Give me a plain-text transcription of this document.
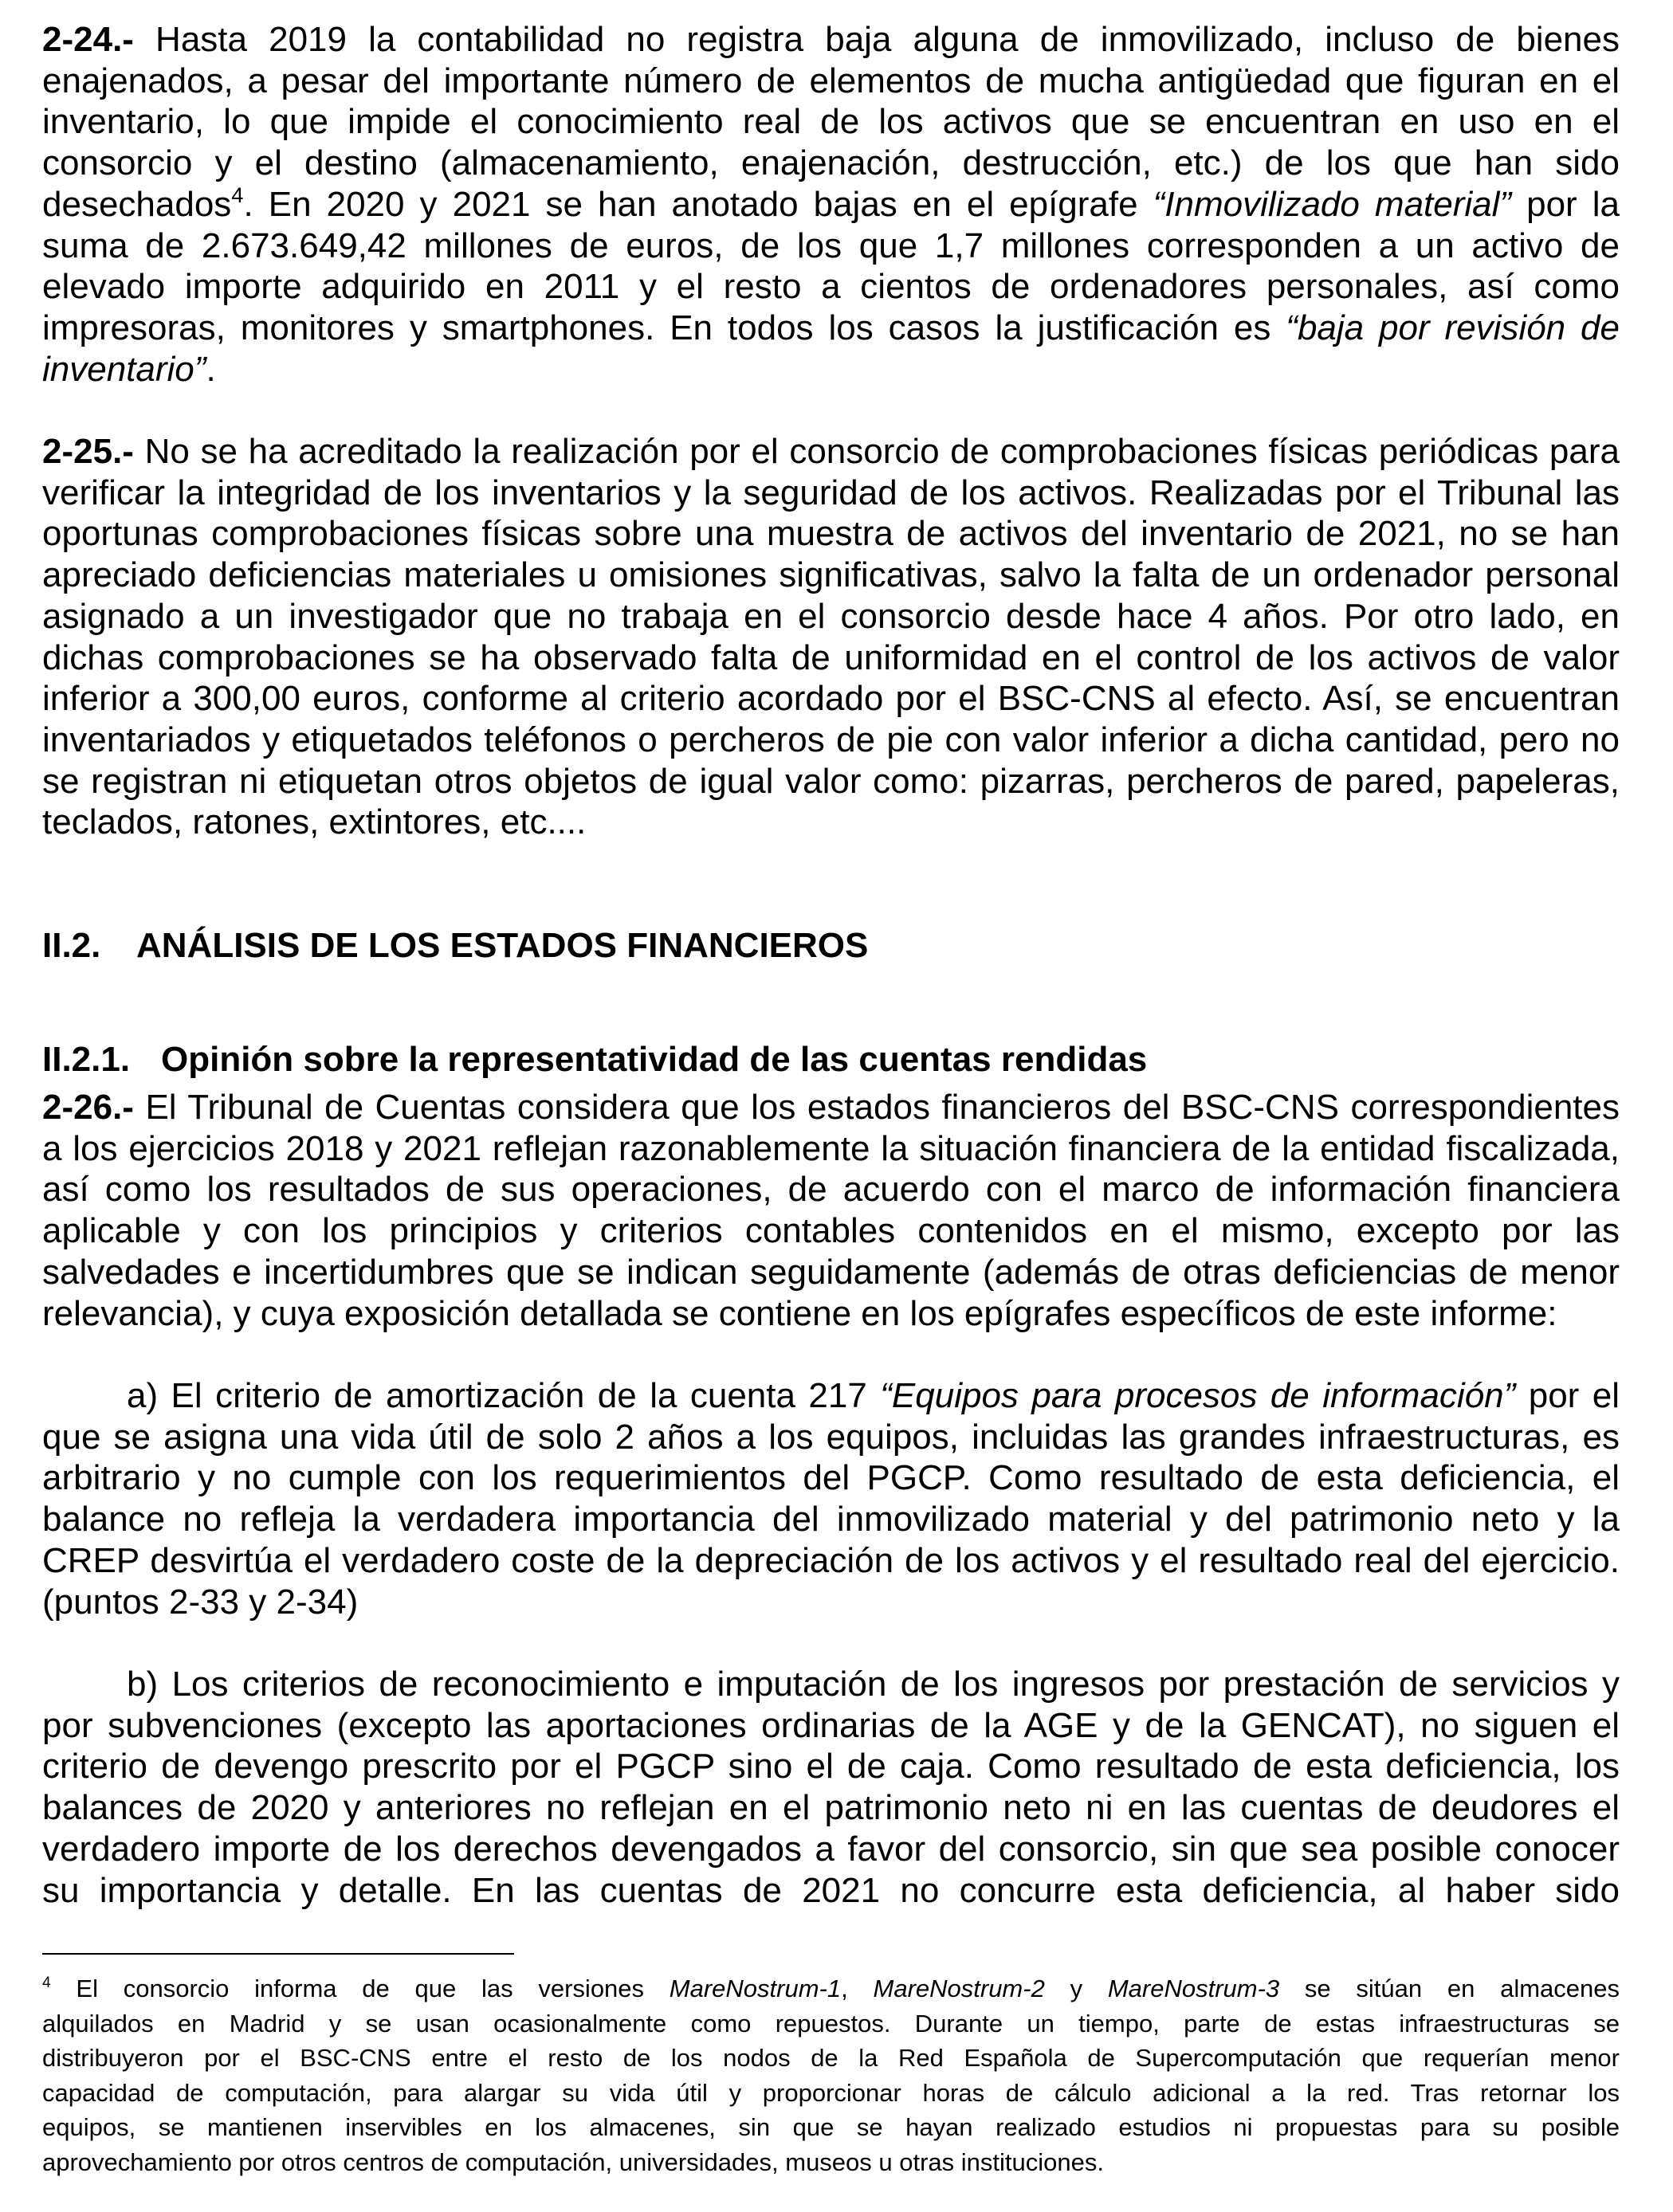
2-24.- Hasta 2019 la contabilidad no registra baja alguna de inmovilizado, incluso de bienes
enajenados, a pesar del importante número de elementos de mucha antigüedad que figuran en el
inventario, lo que impide el conocimiento real de los activos que se encuentran en uso en el
consorcio y el destino (almacenamiento, enajenación, destrucción, etc.) de los que han sido
desechados$^4$. En 2020 y 2021 se han anotado bajas en el epígrafe “Inmovilizado material” por la
suma de 2.673.649,42 millones de euros, de los que 1,7 millones corresponden a un activo de
elevado importe adquirido en 2011 y el resto a cientos de ordenadores personales, así como
impresoras, monitores y smartphones. En todos los casos la justificación es “baja por revisión de
inventario”.
2-25.- No se ha acreditado la realización por el consorcio de comprobaciones físicas periódicas para
verificar la integridad de los inventarios y la seguridad de los activos. Realizadas por el Tribunal las
oportunas comprobaciones físicas sobre una muestra de activos del inventario de 2021, no se han
apreciado deficiencias materiales u omisiones significativas, salvo la falta de un ordenador personal
asignado a un investigador que no trabaja en el consorcio desde hace 4 años. Por otro lado, en
dichas comprobaciones se ha observado falta de uniformidad en el control de los activos de valor
inferior a 300,00 euros, conforme al criterio acordado por el BSC-CNS al efecto. Así, se encuentran
inventariados y etiquetados teléfonos o percheros de pie con valor inferior a dicha cantidad, pero no
se registran ni etiquetan otros objetos de igual valor como: pizarras, percheros de pared, papeleras,
teclados, ratones, extintores, etc....
2-26.- El Tribunal de Cuentas considera que los estados financieros del BSC-CNS correspondientes
a los ejercicios 2018 y 2021 reflejan razonablemente la situación financiera de la entidad fiscalizada,
así como los resultados de sus operaciones, de acuerdo con el marco de información financiera
aplicable y con los principios y criterios contables contenidos en el mismo, excepto por las
salvedades e incertidumbres que se indican seguidamente (además de otras deficiencias de menor
relevancia), y cuya exposición detallada se contiene en los epígrafes específicos de este informe:
a) El criterio de amortización de la cuenta 217 “Equipos para procesos de información” por el
que se asigna una vida útil de solo 2 años a los equipos, incluidas las grandes infraestructuras, es
arbitrario y no cumple con los requerimientos del PGCP. Como resultado de esta deficiencia, el
balance no refleja la verdadera importancia del inmovilizado material y del patrimonio neto y la
CREP desvirtúa el verdadero coste de la depreciación de los activos y el resultado real del ejercicio.
(puntos 2-33 y 2-34)
b) Los criterios de reconocimiento e imputación de los ingresos por prestación de servicios y
por subvenciones (excepto las aportaciones ordinarias de la AGE y de la GENCAT), no siguen el
criterio de devengo prescrito por el PGCP sino el de caja. Como resultado de esta deficiencia, los
balances de 2020 y anteriores no reflejan en el patrimonio neto ni en las cuentas de deudores el
verdadero importe de los derechos devengados a favor del consorcio, sin que sea posible conocer
su importancia y detalle. En las cuentas de 2021 no concurre esta deficiencia, al haber sido
II.2. ANÁLISIS DE LOS ESTADOS FINANCIEROS
II.2.1. Opinión sobre la representatividad de las cuentas rendidas
$^4$ El consorcio informa de que las versiones MareNostrum-1, MareNostrum-2 y MareNostrum-3 se sitúan en almacenes
alquilados en Madrid y se usan ocasionalmente como repuestos. Durante un tiempo, parte de estas infraestructuras se
distribuyeron por el BSC-CNS entre el resto de los nodos de la Red Española de Supercomputación que requerían menor
capacidad de computación, para alargar su vida útil y proporcionar horas de cálculo adicional a la red. Tras retornar los
equipos, se mantienen inservibles en los almacenes, sin que se hayan realizado estudios ni propuestas para su posible
aprovechamiento por otros centros de computación, universidades, museos u otras instituciones.
